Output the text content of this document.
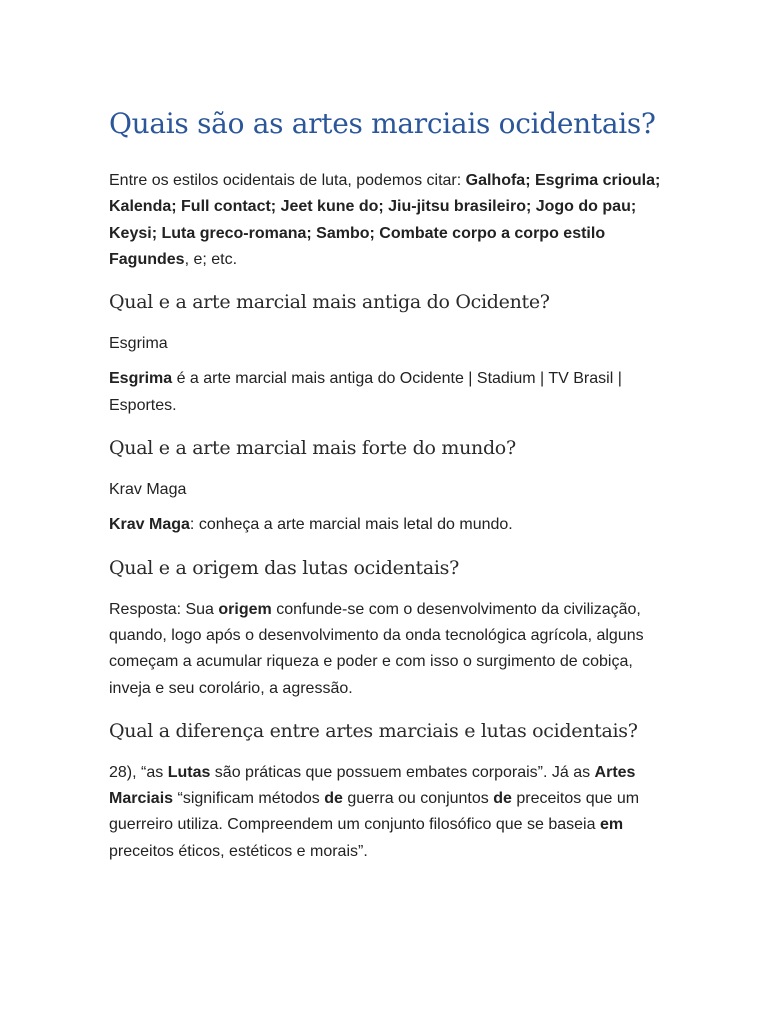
Quais são as artes marciais ocidentais?

Entre os estilos ocidentais de luta, podemos citar: Galhofa; Esgrima crioula; Kalenda; Full contact; Jeet kune do; Jiu-jitsu brasileiro; Jogo do pau; Keysi; Luta greco-romana; Sambo; Combate corpo a corpo estilo Fagundes, e; etc.

Qual e a arte marcial mais antiga do Ocidente?

Esgrima

Esgrima é a arte marcial mais antiga do Ocidente | Stadium | TV Brasil | Esportes.

Qual e a arte marcial mais forte do mundo?

Krav Maga

Krav Maga: conheça a arte marcial mais letal do mundo.

Qual e a origem das lutas ocidentais?

Resposta: Sua origem confunde-se com o desenvolvimento da civilização, quando, logo após o desenvolvimento da onda tecnológica agrícola, alguns começam a acumular riqueza e poder e com isso o surgimento de cobiça, inveja e seu corolário, a agressão.

Qual a diferença entre artes marciais e lutas ocidentais?

28), “as Lutas são práticas que possuem embates corporais”. Já as Artes Marciais “significam métodos de guerra ou conjuntos de preceitos que um guerreiro utiliza. Compreendem um conjunto filosófico que se baseia em preceitos éticos, estéticos e morais”.
